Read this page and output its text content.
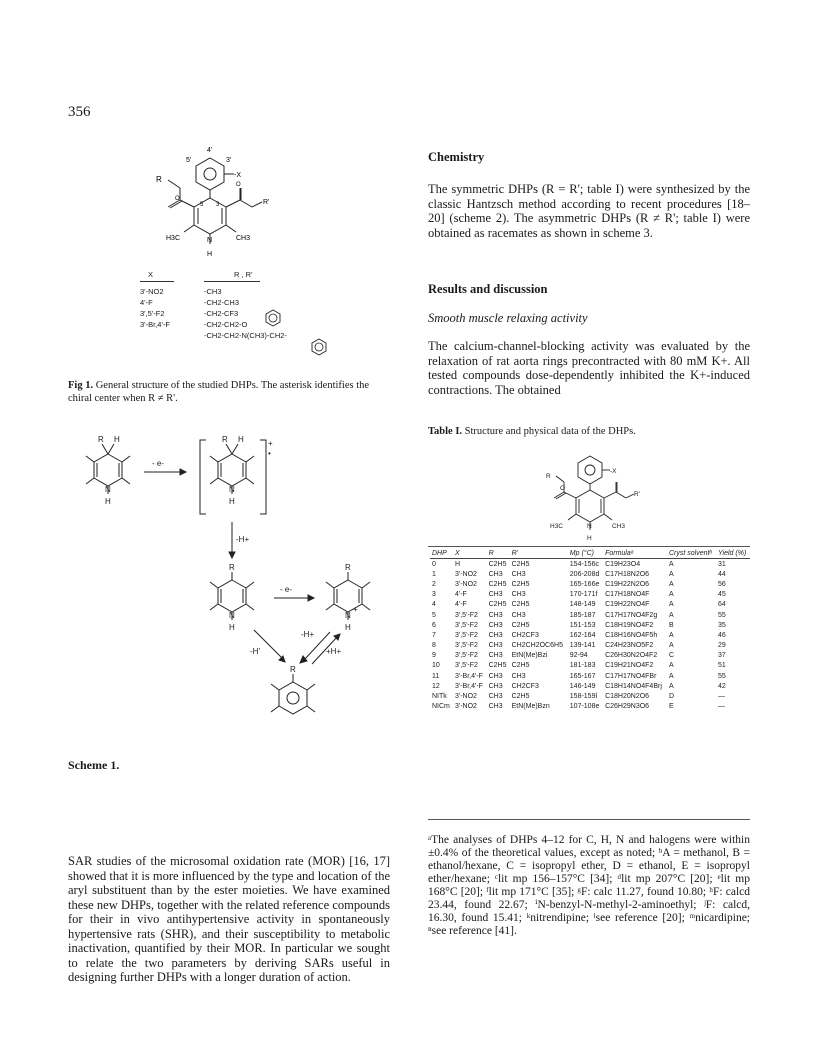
356
4'
5'	3'
-X
R
R'
O
O
5 3
H3C	CH3
N
H
X	R , R'
3'-NO2
4'-F
3',5'-F2
3'-Br,4'-F
-CH3
-CH2-CH3
-CH2-CF3
-CH2-CH2-O
-CH2-CH2-N(CH3)-CH2-
Fig 1. General structure of the studied DHPs. The asterisk identifies the chiral center when R ≠ R'.
R H
N
H
- e-
R H
N
H
+
•
-H+
R
N
H
- e-
R
N
+
H
-H'
-H+
+H+
R
Scheme 1.
SAR studies of the microsomal oxidation rate (MOR) [16, 17] showed that it is more influenced by the type and location of the aryl substituent than by the ester moieties. We have examined these new DHPs, together with the related reference compounds for their in vivo antihypertensive activity in spontaneously hypertensive rats (SHR), and their susceptibility to metabolic inactivation, quantified by their MOR. In particular we sought to relate the two parameters by deriving SARs useful in designing further DHPs with a longer duration of action.
Chemistry
The symmetric DHPs (R = R'; table I) were synthesized by the classic Hantzsch method according to recent procedures [18–20] (scheme 2). The asymmetric DHPs (R ≠ R'; table I) were obtained as racemates as shown in scheme 3.
Results and discussion
Smooth muscle relaxing activity
The calcium-channel-blocking activity was evaluated by the relaxation of rat aorta rings precontracted with 80 mM K+. All tested compounds dose-dependently inhibited the K+-induced contractions. The obtained
Table I. Structure and physical data of the DHPs.
R
-X
O
R'
H3C	CH3
N
H
DHP	X	R	R'	Mp (°C)	Formulaᵃ	Cryst solventᵇ	Yield (%)
0	H	C2H5	C2H5	154-156c	C19H23O4	A	31
1	3'-NO2	CH3	CH3	206-208d	C17H18N2O6	A	44
2	3'-NO2	C2H5	C2H5	165-166e	C19H22N2O6	A	56
3	4'-F	CH3	CH3	170-171f	C17H18NO4F	A	45
4	4'-F	C2H5	C2H5	148-149	C19H22NO4F	A	64
5	3',5'-F2	CH3	CH3	185-187	C17H17NO4F2g	A	55
6	3',5'-F2	CH3	C2H5	151-153	C18H19NO4F2	B	35
7	3',5'-F2	CH3	CH2CF3	162-164	C18H16NO4F5h	A	46
8	3',5'-F2	CH3	CH2CH2OC6H5	139-141	C24H23NO5F2	A	29
9	3',5'-F2	CH3	EtN(Me)Bzi	92-94	C26H30N2O4F2	C	37
10	3',5'-F2	C2H5	C2H5	181-183	C19H21NO4F2	A	51
11	3'-Br,4'-F	CH3	CH3	165-167	C17H17NO4FBr	A	55
12	3'-Br,4'-F	CH3	CH2CF3	146-149	C18H14NO4F4Brj	A	42
NITk	3'-NO2	CH3	C2H5	158-159l	C18H20N2O6	D	—
NICm	3'-NO2	CH3	EtN(Me)Bzn	107-108e	C26H29N3O6	E	—
ᵃThe analyses of DHPs 4–12 for C, H, N and halogens were within ±0.4% of the theoretical values, except as noted; ᵇA = methanol, B = ethanol/hexane, C = isopropyl ether, D = ethanol, E = isopropyl ether/hexane; ᶜlit mp 156–157°C [34]; ᵈlit mp 207°C [20]; ᵉlit mp 168°C [20]; ᶠlit mp 171°C [35]; ᵍF: calc 11.27, found 10.80; ʰF: calcd 23.44, found 22.67; ⁱN-benzyl-N-methyl-2-aminoethyl; ʲF: calcd, 16.30, found 15.41; ᵏnitrendipine; ˡsee reference [20]; ᵐnicardipine; ⁿsee reference [41].
